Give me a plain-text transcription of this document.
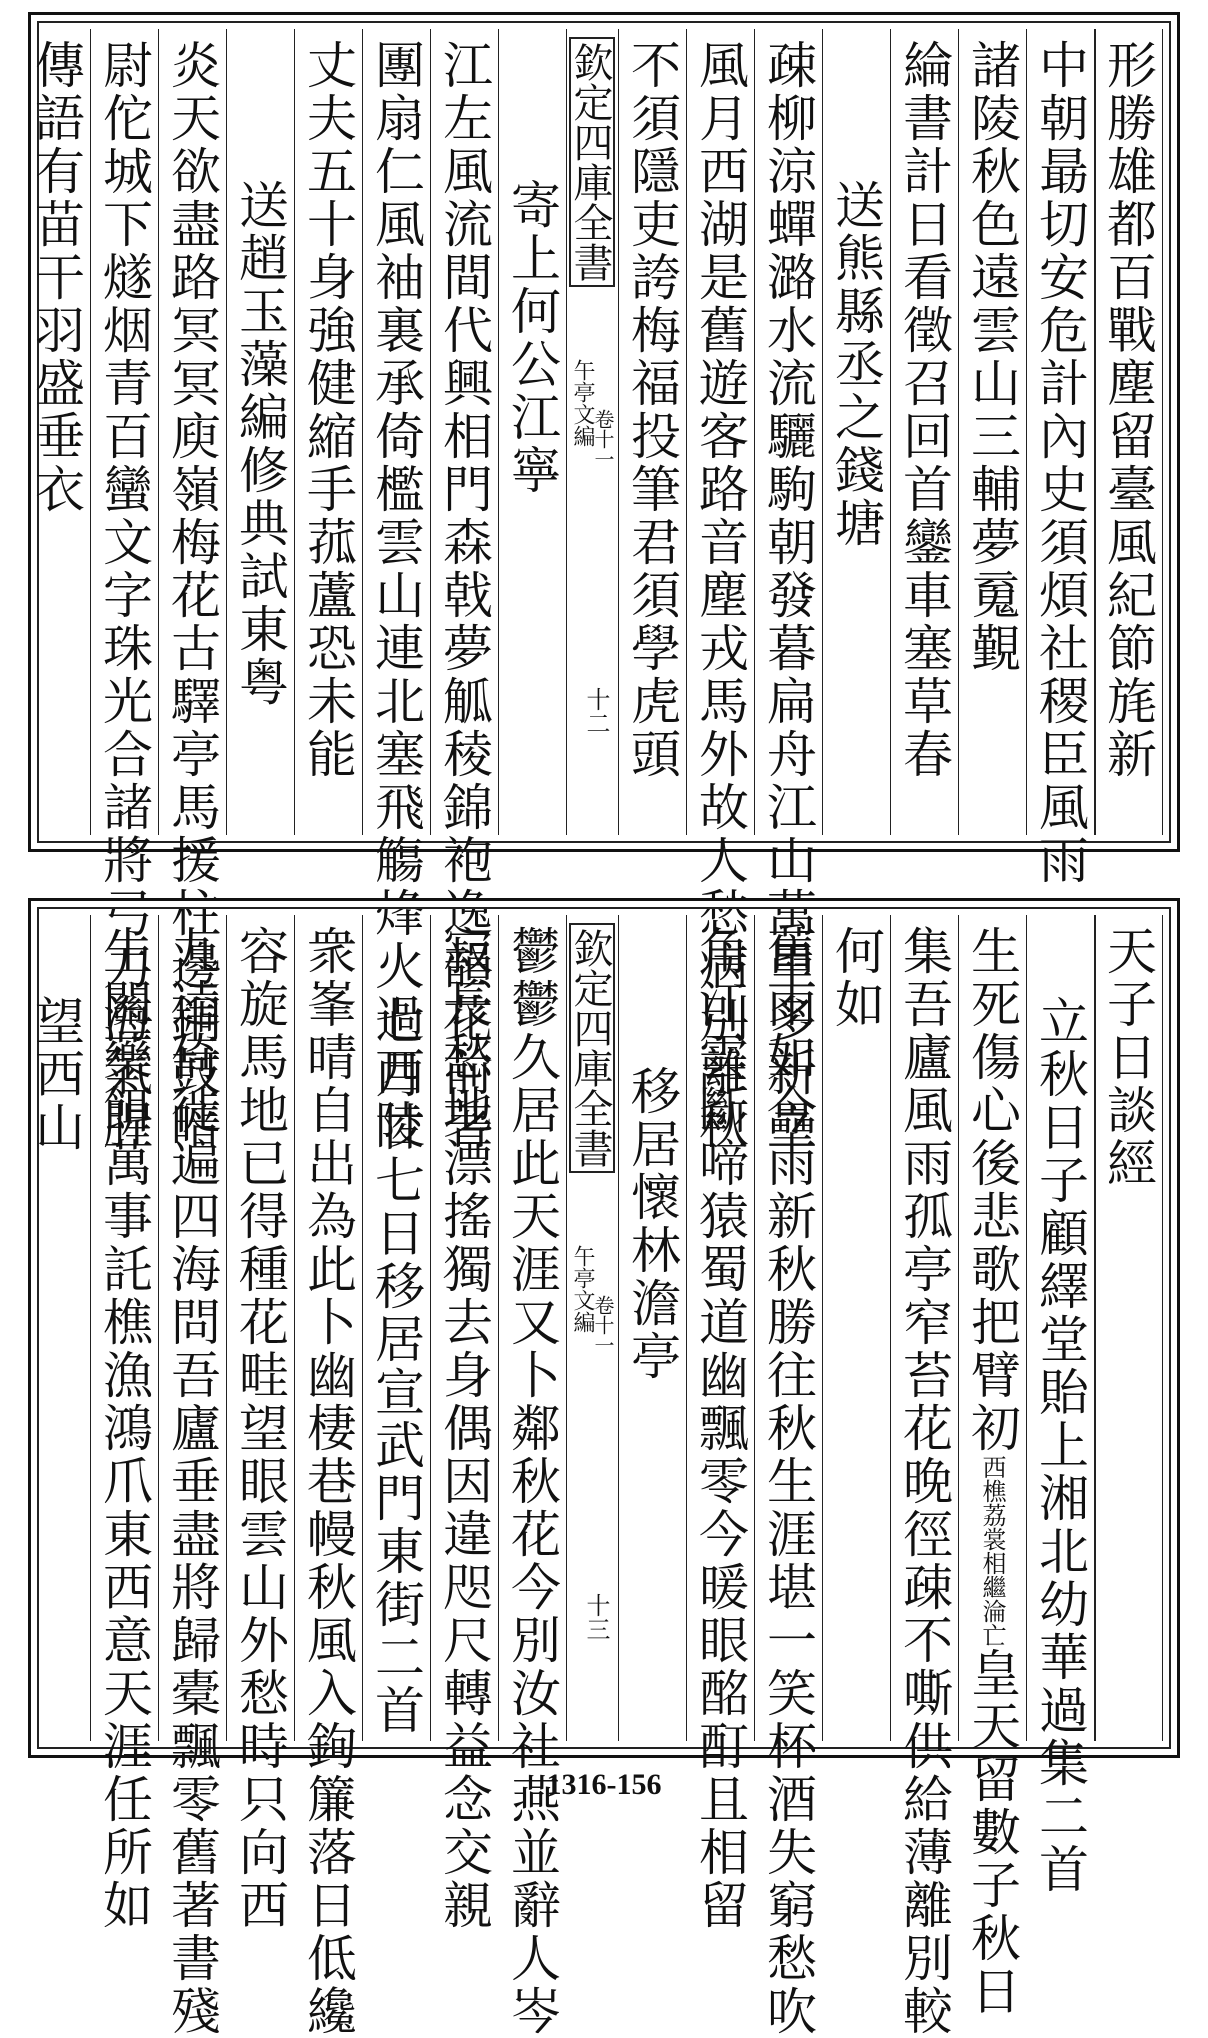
形勝雄都百戰塵留臺風紀節旄新
中朝朂切安危計內史須煩社稷臣風雨
諸陵秋色遠雲山三輔夢䰟覲
綸書計日看徵召回首鑾車塞草春
送熊縣丞之錢塘
疎柳涼蟬潞水流驪駒朝發暮扁舟江山萬里多新壘
風月西湖是舊遊客路音塵戎馬外故人愁病別離秋
不須隱吏誇梅福投筆君須學虎頭
欽定四庫全書
午亭文編
卷十一
十二
寄上何公江寧
江左風流間代興相門森戟夢觚稜錦袍逸韻花前著
團扇仁風袖裏承倚檻雲山連北塞飛觴烽火過西陵
丈夫五十身強健縮手菰蘆恐未能
送趙玉藻編修典試東粤
炎天欲盡路冥冥庾嶺梅花古驛亭馬援柱邊銅鼓暗
尉佗城下燧烟青百蠻文字珠光合諸將弓刀海氣腥
傳語有苗干羽盛垂衣
天子日談經
立秋日子顧繹堂貽上湘北幼華過集二首
生死傷心後悲歌把臂初西樵荔裳相繼淪亡皇天留數子秋日
集吾廬風雨孤亭窄苔花晚徑疎不嘶供給薄離別較
何如
舊雨如今雨新秋勝往秋生涯堪一笑杯酒失窮愁吹
角江雲斷啼猿蜀道幽飄零今暖眼酩酊且相留
移居懷林澹亭
欽定四庫全書
午亭文編
卷十一
十三
鬱鬱久居此天涯又卜鄰秋花今別汝社燕並辭人岑
寂長愁地漂搖獨去身偶因違咫尺轉益念交親
七月廿七日移居宣武門東街二首
衆峯晴自出為此卜幽棲巷幔秋風入鉤簾落日低纔
容旋馬地已得種花畦望眼雲山外愁時只向西
九逵倚徙遍四海問吾廬垂盡將歸橐飄零舊著書殘
生關藥餌萬事託樵漁鴻爪東西意天涯任所如
望西山
1316-156
